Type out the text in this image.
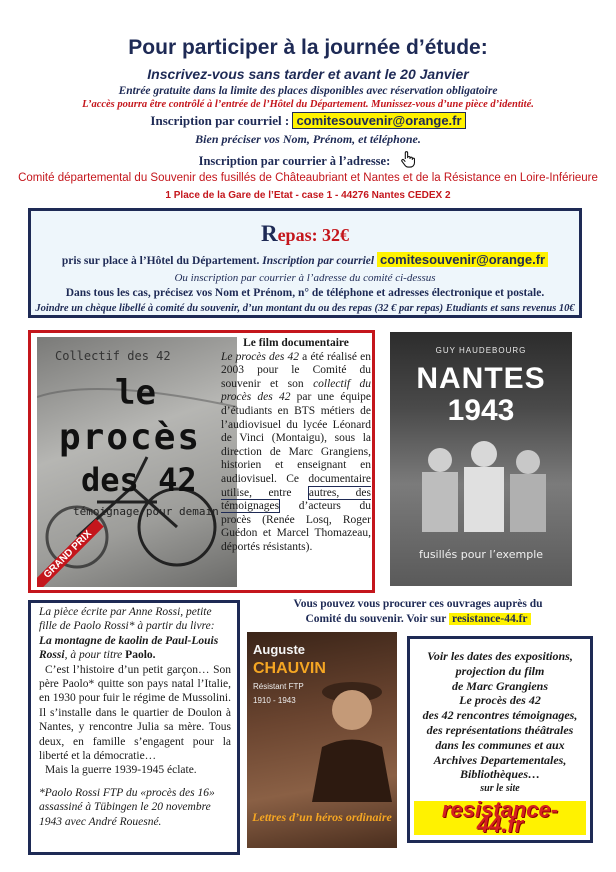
Pour participer à la journée d’étude:
Inscrivez-vous sans tarder et avant le 20 Janvier
Entrée gratuite dans la limite des places disponibles avec réservation obligatoire
L’accès pourra être contrôlé à l’entrée de l’Hôtel du Département. Munissez-vous d’une pièce d’identité.
Inscription par courriel : comitesouvenir@orange.fr
Bien préciser vos Nom, Prénom, et téléphone.
Inscription par courrier à l’adresse:
Comité départemental du Souvenir des fusillés de Châteaubriant et Nantes et de la Résistance en Loire-Inférieure
1 Place de la Gare de l’Etat - case 1 - 44276 Nantes CEDEX 2
Repas: 32€
pris sur place à l’Hôtel du Département. Inscription par courriel comitesouvenir@orange.fr
Ou inscription par courrier à l’adresse du comité ci-dessus
Dans tous les cas, précisez vos Nom et Prénom, n° de téléphone et adresses électronique et postale.
Joindre un chèque libellé à comité du souvenir, d’un montant du ou des repas (32 € par repas) Etudiants et sans revenus 10€
Collectif des 42
le
procès
des 42
témoignage pour demain
GRAND PRIX
Le film documentaire
Le procès des 42 a été réalisé en 2003 pour le Comité du souvenir et son collectif du procès des 42 par une équipe d’étudiants en BTS métiers de l’audiovisuel du lycée Léonard de Vinci (Montaigu), sous la direction de Marc Grangiens, historien et enseignant en audiovisuel. Ce documentaire utilise, entre autres, des témoignages d’acteurs du procès (Renée Losq, Roger Guédon et Marcel Thomazeau, déportés résistants).
GUY HAUDEBOURG
NANTES
1943
fusillés pour l’exemple
La pièce écrite par Anne Rossi, petite fille de Paolo Rossi* à partir du livre:
La montagne de kaolin de Paul-Louis Rossi, à pour titre Paolo.
C’est l’histoire d’un petit garçon… Son père Paolo* quitte son pays natal l’Italie, en 1930 pour fuir le régime de Mussolini. Il s’installe dans le quartier de Doulon à Nantes, y rencontre Julia sa mère. Tous deux, en famille s’engagent pour la liberté et la démocratie…
Mais la guerre 1939-1945 éclate.
*Paolo Rossi FTP du «procès des 16» assassiné à Tübingen le 20 novembre 1943 avec André Rouesné.
Vous pouvez vous procurer ces ouvrages auprès du
Comité du souvenir. Voir sur resistance-44.fr
Auguste
CHAUVIN
Résistant FTP
1910 - 1943
Lettres d’un héros ordinaire
Voir les dates des expositions, projection du film
de Marc Grangiens
Le procès des 42
des 42 rencontres témoignages, des représentations théâtrales dans les communes et aux Archives Departementales, Bibliothèques…
sur le site
resistance-44.fr
